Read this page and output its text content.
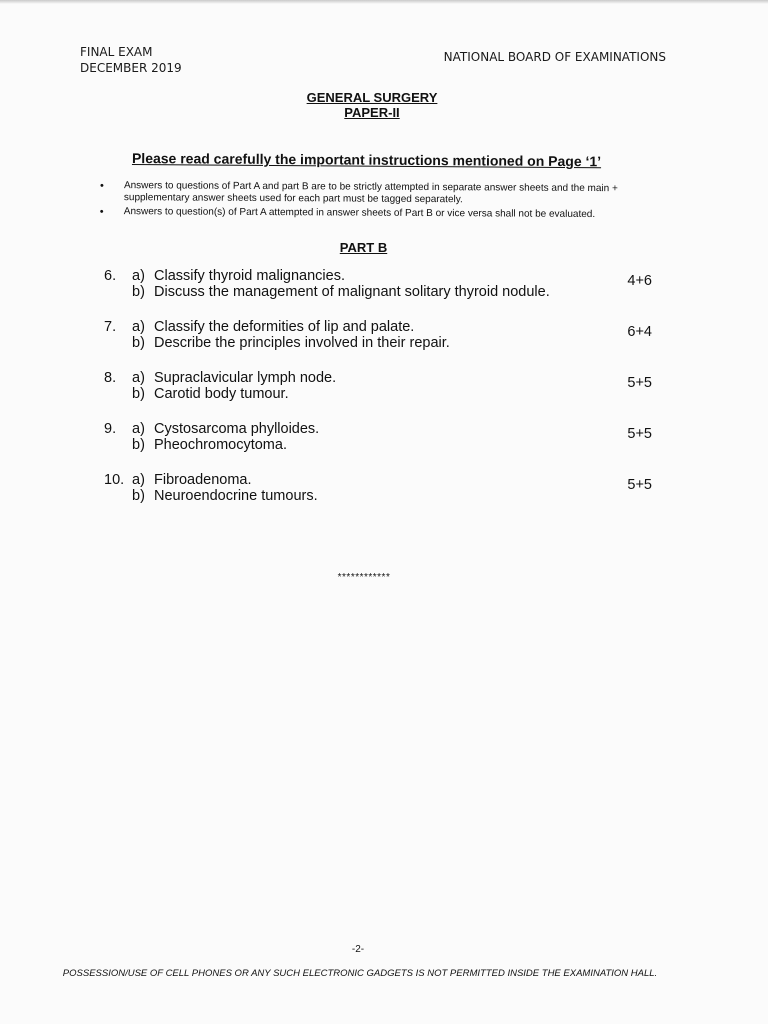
FINAL EXAM
DECEMBER 2019
NATIONAL BOARD OF EXAMINATIONS
GENERAL SURGERY
PAPER-II
Please read carefully the important instructions mentioned on Page ‘1’
• Answers to questions of Part A and part B are to be strictly attempted in separate answer sheets and the main + supplementary answer sheets used for each part must be tagged separately.
• Answers to question(s) of Part A attempted in answer sheets of Part B or vice versa shall not be evaluated.
PART B
6.	a) Classify thyroid malignancies.
b) Discuss the management of malignant solitary thyroid nodule.
4+6
7.	a) Classify the deformities of lip and palate.
b) Describe the principles involved in their repair.
6+4
8.	a) Supraclavicular lymph node.
b) Carotid body tumour.
5+5
9.	a) Cystosarcoma phylloides.
b) Pheochromocytoma.
5+5
10. a) Fibroadenoma.
b) Neuroendocrine tumours.
5+5
************
-2-
POSSESSION/USE OF CELL PHONES OR ANY SUCH ELECTRONIC GADGETS IS NOT PERMITTED INSIDE THE EXAMINATION HALL.
